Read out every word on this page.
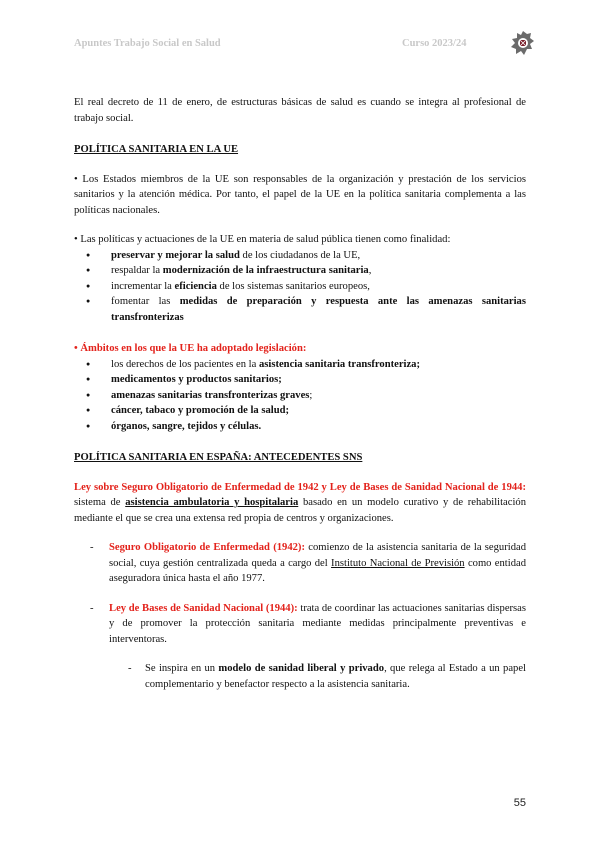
Apuntes Trabajo Social en Salud	Curso 2023/24

El real decreto de 11 de enero, de estructuras básicas de salud es cuando se integra al profesional de trabajo social.

POLÍTICA SANITARIA EN LA UE

• Los Estados miembros de la UE son responsables de la organización y prestación de los servicios sanitarios y la atención médica. Por tanto, el papel de la UE en la política sanitaria complementa a las políticas nacionales.

• Las políticas y actuaciones de la UE en materia de salud pública tienen como finalidad:

● preservar y mejorar la salud de los ciudadanos de la UE,
● respaldar la modernización de la infraestructura sanitaria,
● incrementar la eficiencia de los sistemas sanitarios europeos,
● fomentar las medidas de preparación y respuesta ante las amenazas sanitarias transfronterizas

• Ámbitos en los que la UE ha adoptado legislación:

● los derechos de los pacientes en la asistencia sanitaria transfronteriza;
● medicamentos y productos sanitarios;
● amenazas sanitarias transfronterizas graves;
● cáncer, tabaco y promoción de la salud;
● órganos, sangre, tejidos y células.

POLÍTICA SANITARIA EN ESPAÑA: ANTECEDENTES SNS

Ley sobre Seguro Obligatorio de Enfermedad de 1942 y Ley de Bases de Sanidad Nacional de 1944: sistema de asistencia ambulatoria y hospitalaria basado en un modelo curativo y de rehabilitación mediante el que se crea una extensa red propia de centros y organizaciones.

- Seguro Obligatorio de Enfermedad (1942): comienzo de la asistencia sanitaria de la seguridad social, cuya gestión centralizada queda a cargo del Instituto Nacional de Previsión como entidad aseguradora única hasta el año 1977.

- Ley de Bases de Sanidad Nacional (1944): trata de coordinar las actuaciones sanitarias dispersas y de promover la protección sanitaria mediante medidas principalmente preventivas e interventoras.

- Se inspira en un modelo de sanidad liberal y privado, que relega al Estado a un papel complementario y benefactor respecto a la asistencia sanitaria.

55
